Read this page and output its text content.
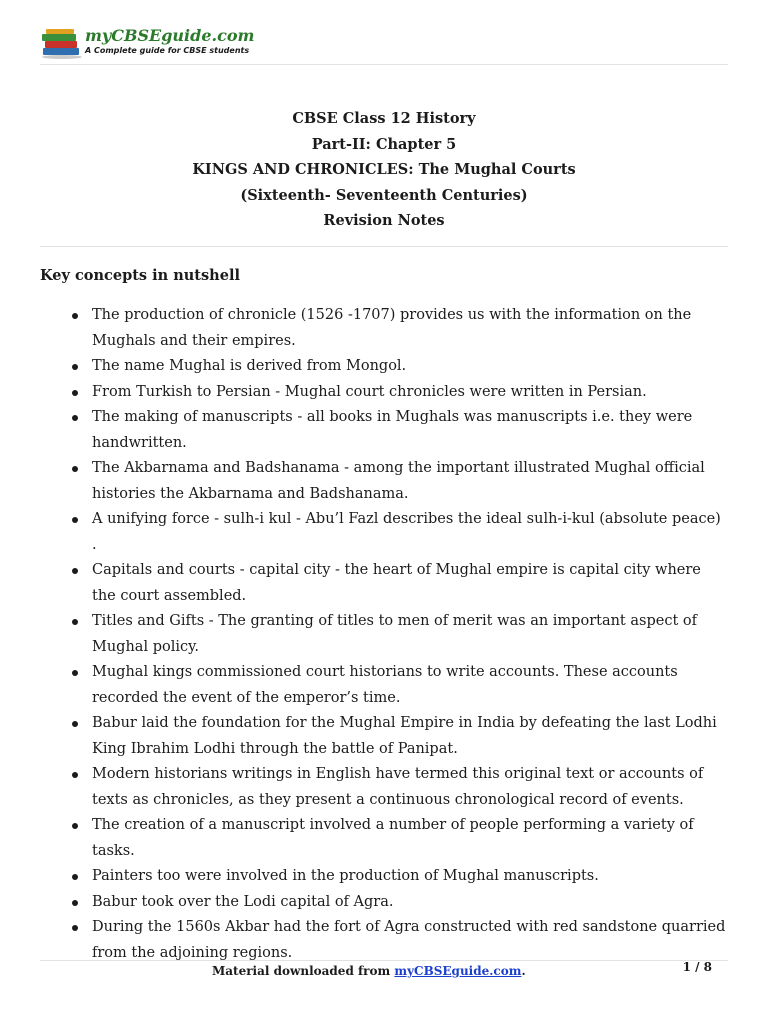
myCBSEguide.com
A Complete guide for CBSE students
CBSE Class 12 History
Part-II: Chapter 5
KINGS AND CHRONICLES: The Mughal Courts
(Sixteenth- Seventeenth Centuries)
Revision Notes
Key concepts in nutshell
The production of chronicle (1526 -1707) provides us with the information on the Mughals and their empires.
The name Mughal is derived from Mongol.
From Turkish to Persian - Mughal court chronicles were written in Persian.
The making of manuscripts - all books in Mughals was manuscripts i.e. they were handwritten.
The Akbarnama and Badshanama - among the important illustrated Mughal official histories the Akbarnama and Badshanama.
A unifying force - sulh-i kul - Abu’l Fazl describes the ideal sulh-i-kul (absolute peace) .
Capitals and courts - capital city - the heart of Mughal empire is capital city where the court assembled.
Titles and Gifts - The granting of titles to men of merit was an important aspect of Mughal policy.
Mughal kings commissioned court historians to write accounts. These accounts recorded the event of the emperor’s time.
Babur laid the foundation for the Mughal Empire in India by defeating the last Lodhi King Ibrahim Lodhi through the battle of Panipat.
Modern historians writings in English have termed this original text or accounts of texts as chronicles, as they present a continuous chronological record of events.
The creation of a manuscript involved a number of people performing a variety of tasks.
Painters too were involved in the production of Mughal manuscripts.
Babur took over the Lodi capital of Agra.
During the 1560s Akbar had the fort of Agra constructed with red sandstone quarried from the adjoining regions.
Material downloaded from myCBSEguide.com.	1 / 8
